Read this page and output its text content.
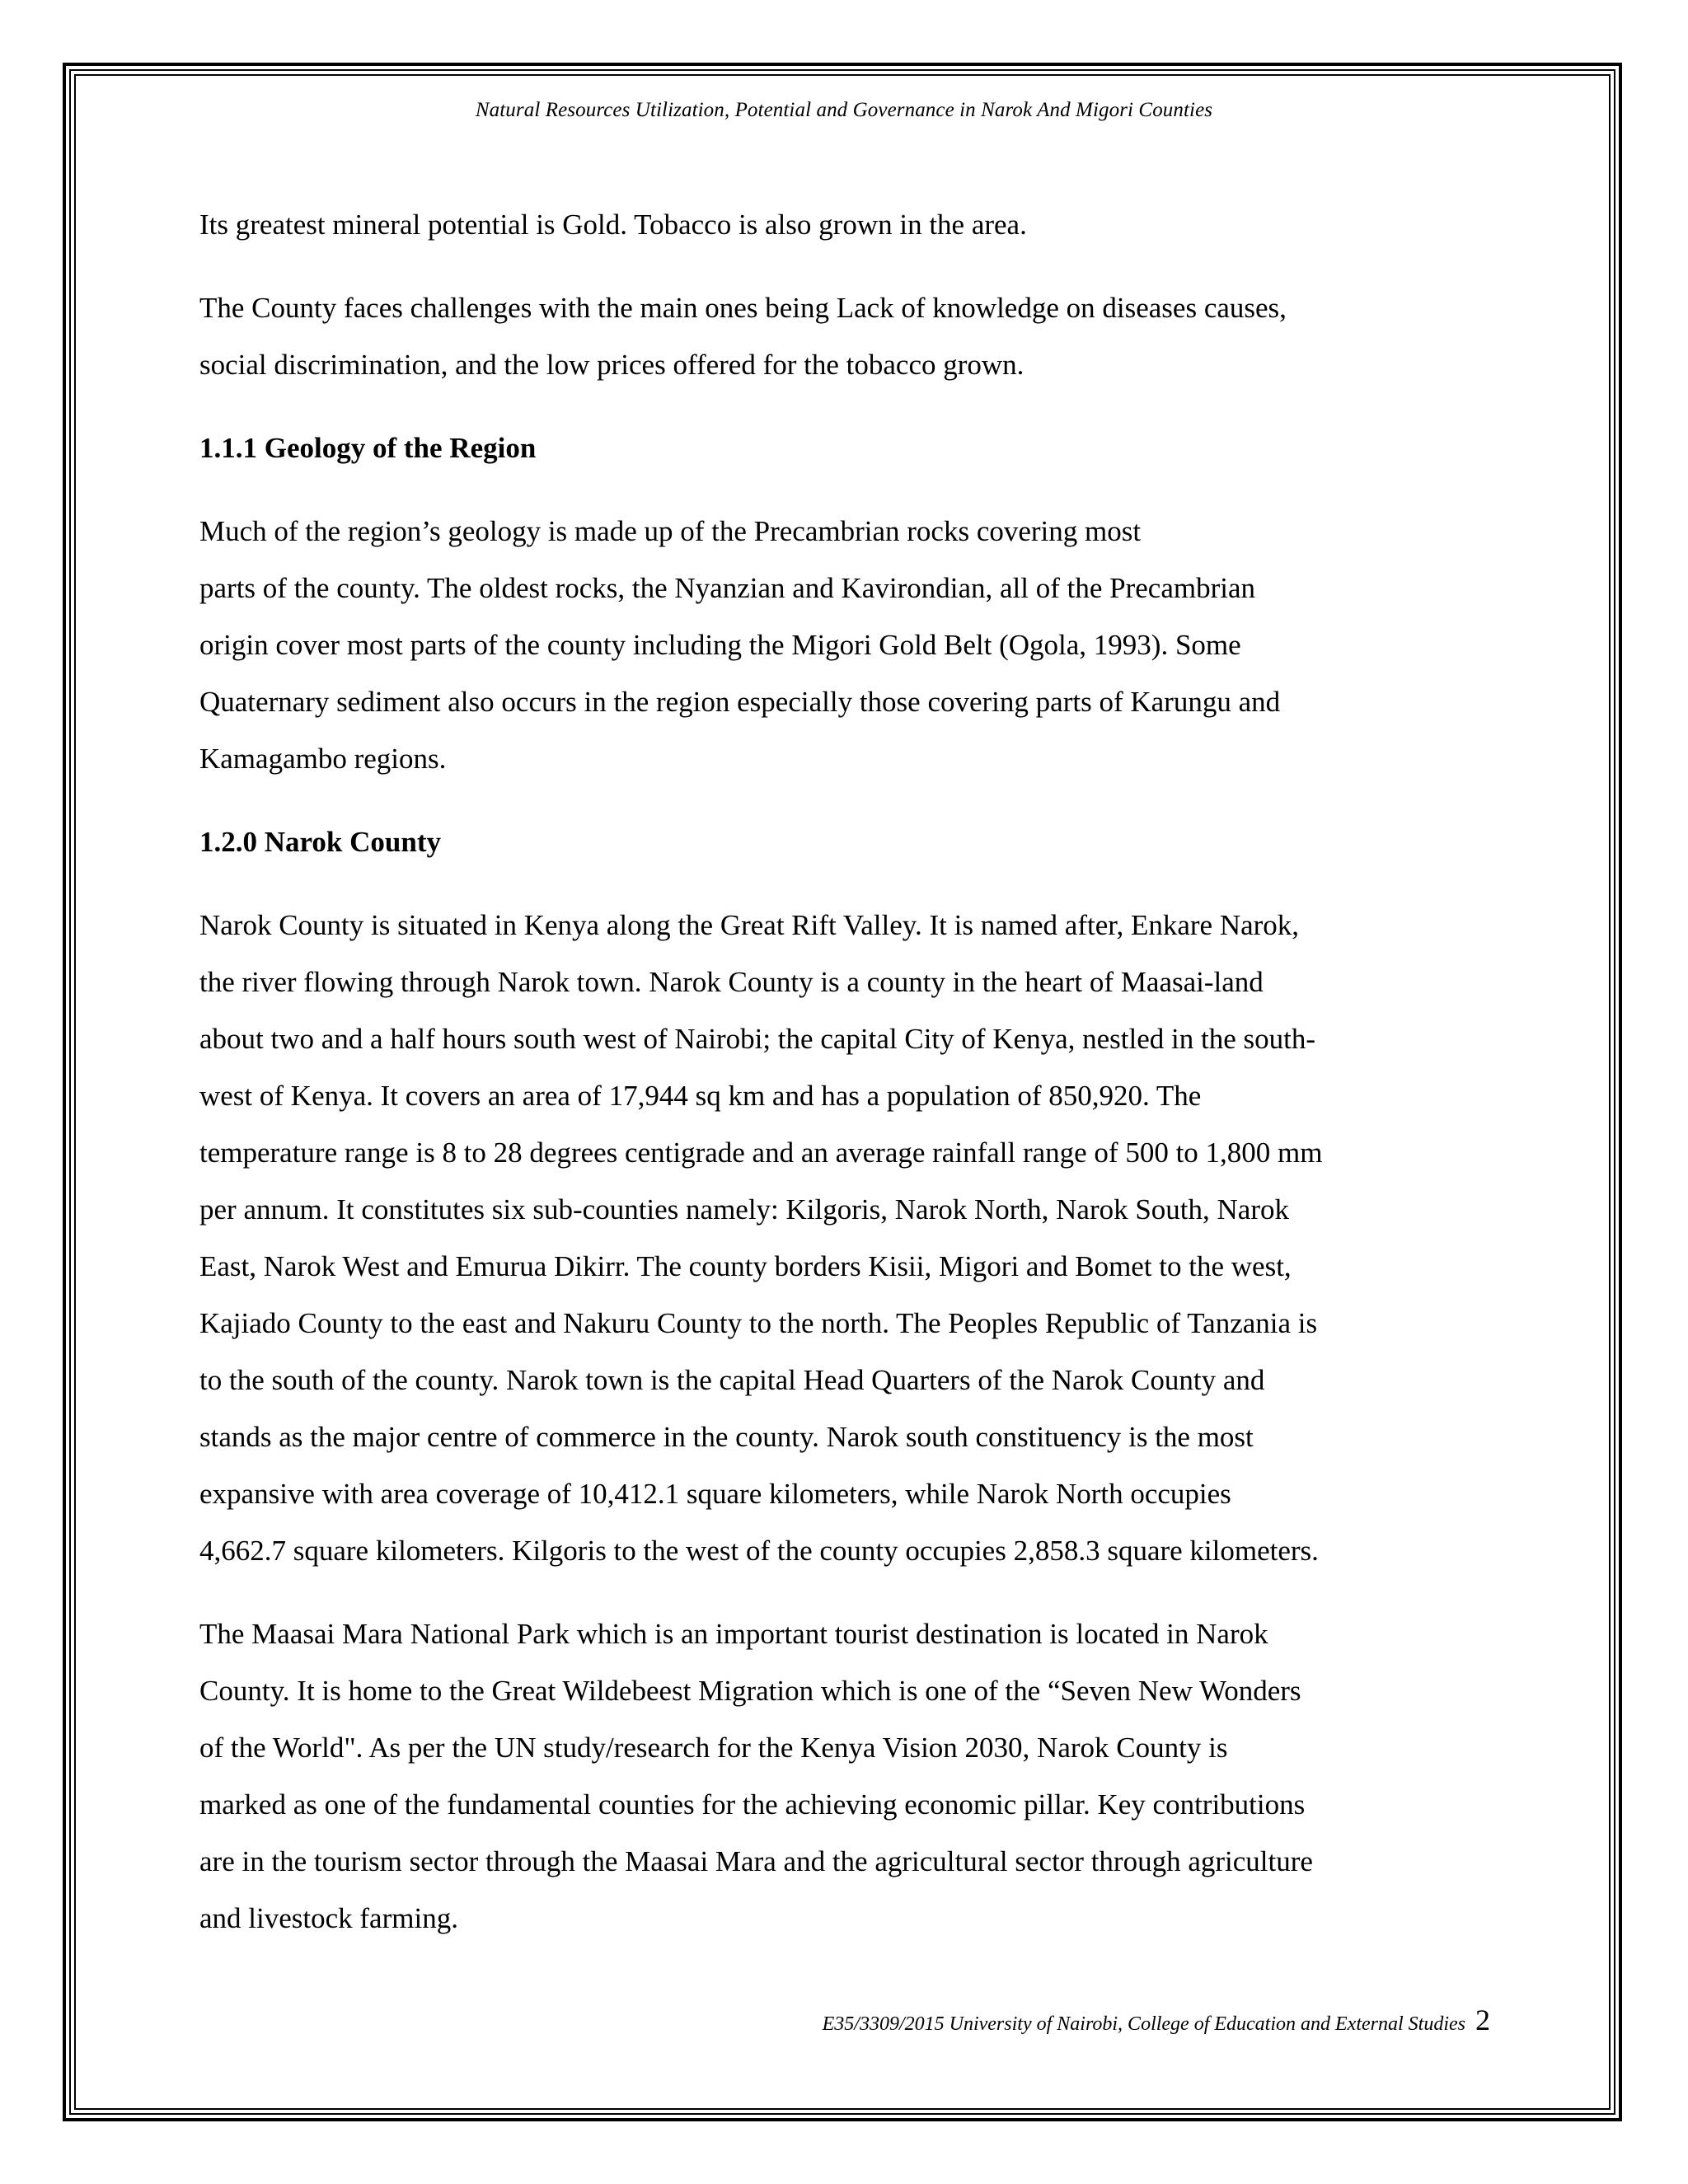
Natural Resources Utilization, Potential and Governance in Narok And Migori Counties

Its greatest mineral potential is Gold. Tobacco is also grown in the area.

The County faces challenges with the main ones being Lack of knowledge on diseases causes,
social discrimination, and the low prices offered for the tobacco grown.

1.1.1 Geology of the Region

Much of the region’s geology is made up of the Precambrian rocks covering most
parts of the county. The oldest rocks, the Nyanzian and Kavirondian, all of the Precambrian
origin cover most parts of the county including the Migori Gold Belt (Ogola, 1993). Some
Quaternary sediment also occurs in the region especially those covering parts of Karungu and
Kamagambo regions.

1.2.0 Narok County

Narok County is situated in Kenya along the Great Rift Valley. It is named after, Enkare Narok,
the river flowing through Narok town. Narok County is a county in the heart of Maasai-land
about two and a half hours south west of Nairobi; the capital City of Kenya, nestled in the south-
west of Kenya. It covers an area of 17,944 sq km and has a population of 850,920. The
temperature range is 8 to 28 degrees centigrade and an average rainfall range of 500 to 1,800 mm
per annum. It constitutes six sub-counties namely: Kilgoris, Narok North, Narok South, Narok
East, Narok West and Emurua Dikirr. The county borders Kisii, Migori and Bomet to the west,
Kajiado County to the east and Nakuru County to the north. The Peoples Republic of Tanzania is
to the south of the county. Narok town is the capital Head Quarters of the Narok County and
stands as the major centre of commerce in the county. Narok south constituency is the most
expansive with area coverage of 10,412.1 square kilometers, while Narok North occupies
4,662.7 square kilometers. Kilgoris to the west of the county occupies 2,858.3 square kilometers.

The Maasai Mara National Park which is an important tourist destination is located in Narok
County. It is home to the Great Wildebeest Migration which is one of the “Seven New Wonders
of the World". As per the UN study/research for the Kenya Vision 2030, Narok County is
marked as one of the fundamental counties for the achieving economic pillar. Key contributions
are in the tourism sector through the Maasai Mara and the agricultural sector through agriculture
and livestock farming.

E35/3309/2015 University of Nairobi, College of Education and External Studies 2
